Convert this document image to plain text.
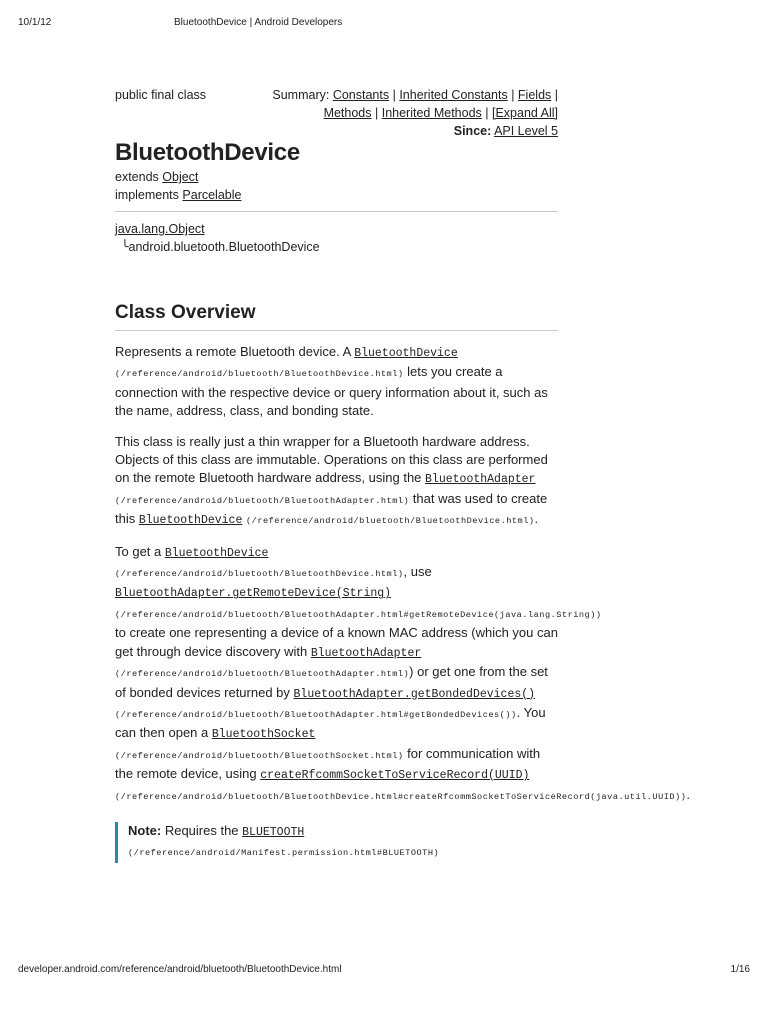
10/1/12	BluetoothDevice | Android Developers
public final class	Summary: Constants | Inherited Constants | Fields |
Methods | Inherited Methods | [Expand All]
Since: API Level 5
BluetoothDevice
extends Object
implements Parcelable
java.lang.Object
╰android.bluetooth.BluetoothDevice
Class Overview

Represents a remote Bluetooth device. A BluetoothDevice (/reference/android/bluetooth/BluetoothDevice.html) lets you create a connection with the respective device or query information about it, such as the name, address, class, and bonding state.

This class is really just a thin wrapper for a Bluetooth hardware address. Objects of this class are immutable. Operations on this class are performed on the remote Bluetooth hardware address, using the BluetoothAdapter (/reference/android/bluetooth/BluetoothAdapter.html) that was used to create this BluetoothDevice (/reference/android/bluetooth/BluetoothDevice.html).

To get a BluetoothDevice (/reference/android/bluetooth/BluetoothDevice.html), use BluetoothAdapter.getRemoteDevice(String) (/reference/android/bluetooth/BluetoothAdapter.html#getRemoteDevice(java.lang.String)) to create one representing a device of a known MAC address (which you can get through device discovery with BluetoothAdapter (/reference/android/bluetooth/BluetoothAdapter.html)) or get one from the set of bonded devices returned by BluetoothAdapter.getBondedDevices() (/reference/android/bluetooth/BluetoothAdapter.html#getBondedDevices()). You can then open a BluetoothSocket (/reference/android/bluetooth/BluetoothSocket.html) for communication with the remote device, using createRfcommSocketToServiceRecord(UUID) (/reference/android/bluetooth/BluetoothDevice.html#createRfcommSocketToServiceRecord(java.util.UUID)).

Note: Requires the BLUETOOTH
(/reference/android/Manifest.permission.html#BLUETOOTH)
developer.android.com/reference/android/bluetooth/BluetoothDevice.html	1/16
